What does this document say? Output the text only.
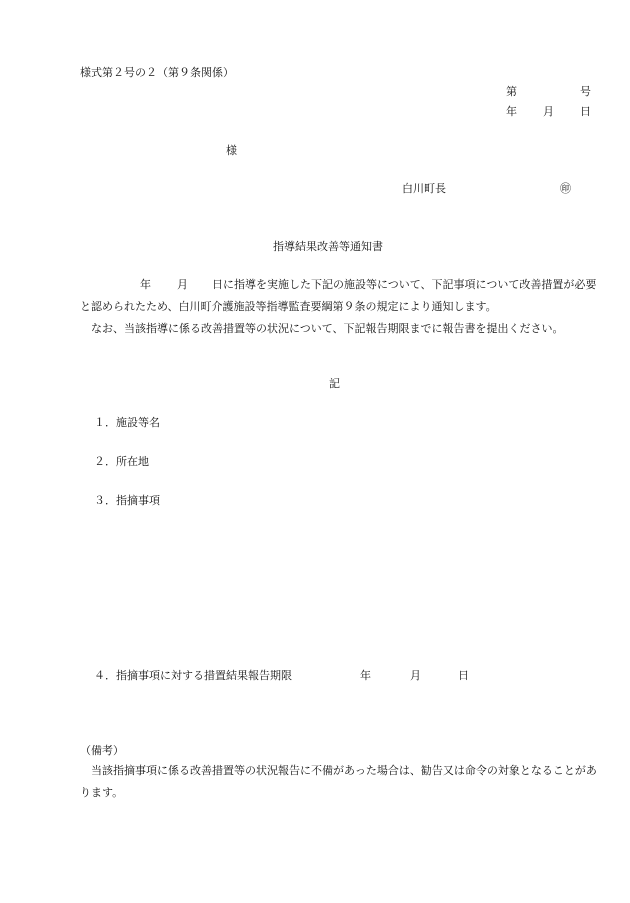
様式第２号の２（第９条関係）
第	号
年 月 日
様
白川町長	㊞
指導結果改善等通知書
年 月	日に指導を実施した下記の施設等について、下記事項について改善措置が必要と認められたため、白川町介護施設等指導監査要綱第９条の規定により通知します。
なお、当該指導に係る改善措置等の状況について、下記報告期限までに報告書を提出ください。
記
１．施設等名
２．所在地
３．指摘事項
４．指摘事項に対する措置結果報告期限	年	月	日
（備考）
当該指摘事項に係る改善措置等の状況報告に不備があった場合は、勧告又は命令の対象となることがあります。
